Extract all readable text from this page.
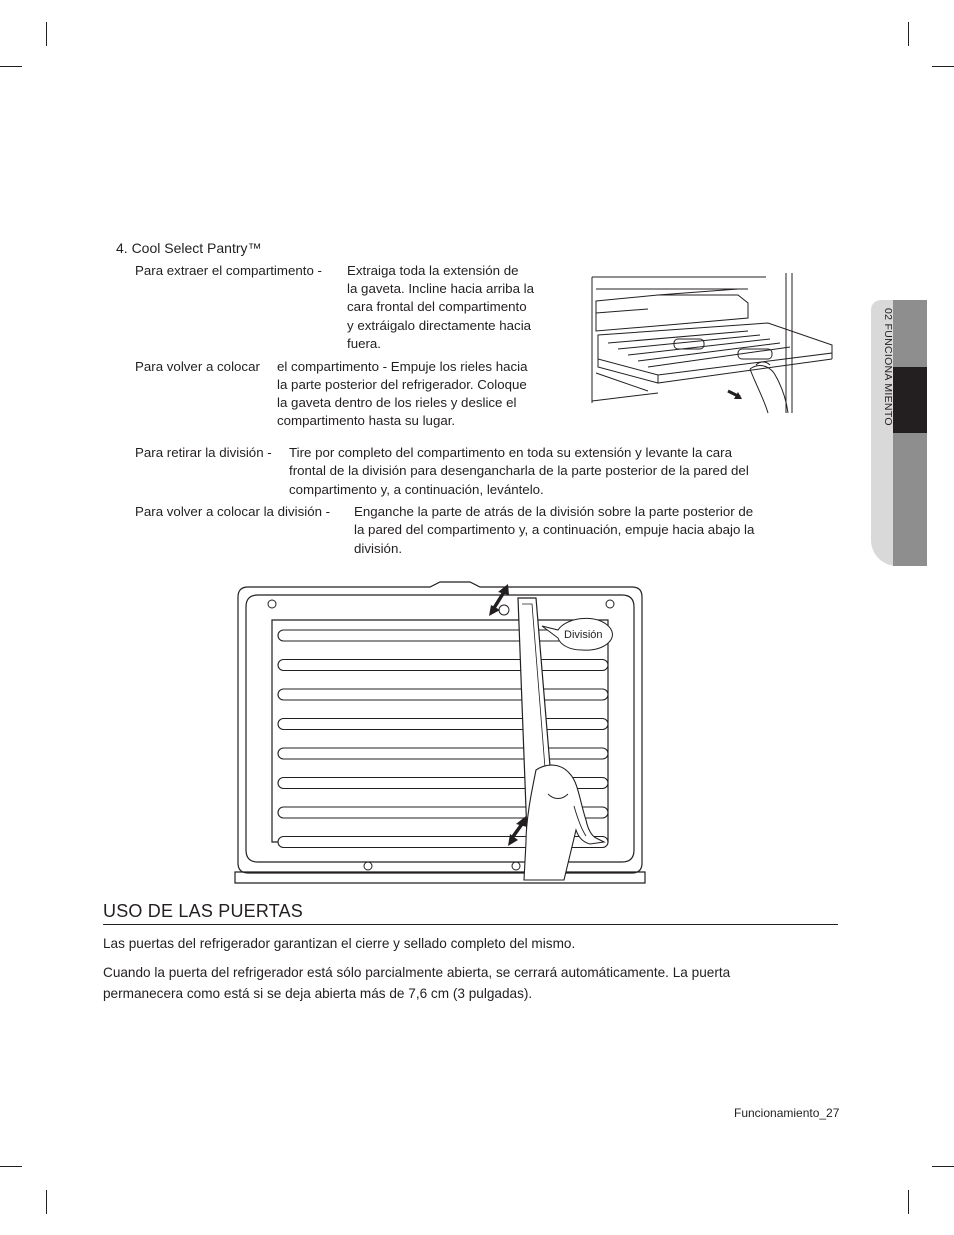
02 FUNCIONA MIENTO
4. Cool Select Pantry™
Para extraer el compartimento - Extraiga toda la extensión de
la gaveta. Incline hacia arriba la
cara frontal del compartimento
y extráigalo directamente hacia
fuera.
Para volver a colocar el compartimento - Empuje los rieles hacia
la parte posterior del refrigerador. Coloque
la gaveta dentro de los rieles y deslice el
compartimento hasta su lugar.
Para retirar la división - Tire por completo del compartimento en toda su extensión y levante la cara
frontal de la división para desengancharla de la parte posterior de la pared del
compartimento y, a continuación, levántelo.
Para volver a colocar la división - Enganche la parte de atrás de la división sobre la parte posterior de
la pared del compartimento y, a continuación, empuje hacia abajo la
división.
División
USO DE LAS PUERTAS
Las puertas del refrigerador garantizan el cierre y sellado completo del mismo.
Cuando la puerta del refrigerador está sólo parcialmente abierta, se cerrará automáticamente. La puerta
permanecera como está si se deja abierta más de 7,6 cm (3 pulgadas).
Funcionamiento_27
